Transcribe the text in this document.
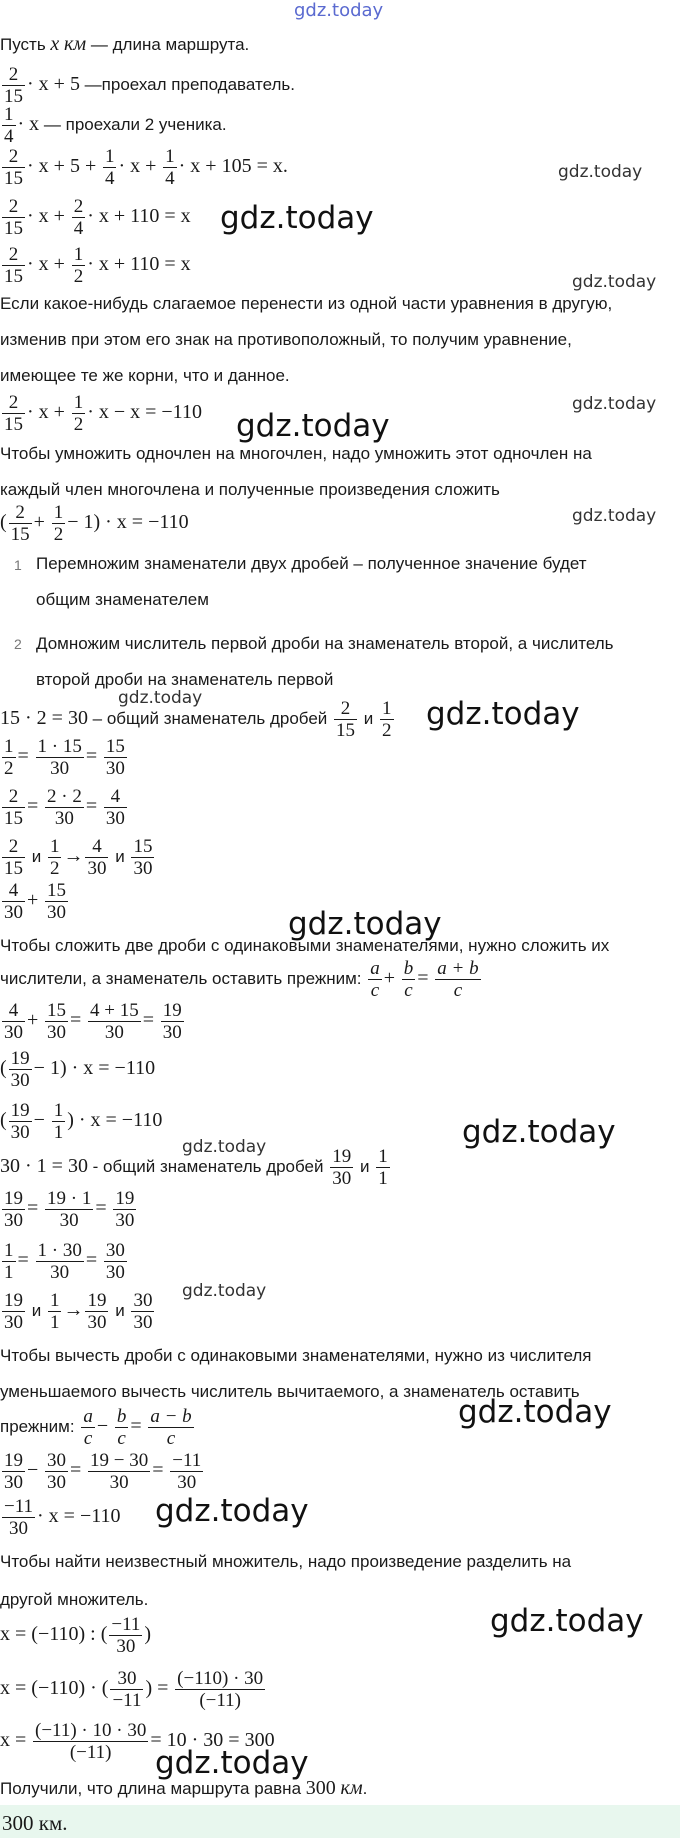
gdz.today
gdz.today
gdz.today
gdz.today
gdz.today
gdz.today
gdz.today
gdz.today	gdz.today
gdz.today
gdz.today	gdz.today
gdz.today
gdz.today
gdz.today
gdz.today
gdz.today
Пусть x км — длина маршрута.
$\frac{2}{15} \cdot x + 5$ —проехал преподаватель.
$\frac{1}{4} \cdot x$ — проехали 2 ученика.
$\frac{2}{15} \cdot x + 5 + \frac{1}{4} \cdot x + \frac{1}{4} \cdot x + 105 = x$.
$\frac{2}{15} \cdot x + \frac{2}{4} \cdot x + 110 = x$
$\frac{2}{15} \cdot x + \frac{1}{2} \cdot x + 110 = x$
Если какое-нибудь слагаемое перенести из одной части уравнения в другую,
изменив при этом его знак на противоположный, то получим уравнение,
имеющее те же корни, что и данное.
$\frac{2}{15} \cdot x + \frac{1}{2} \cdot x - x = -110$
Чтобы умножить одночлен на многочлен, надо умножить этот одночлен на
каждый член многочлена и полученные произведения сложить
( $\frac{2}{15} + \frac{1}{2} - 1) \cdot x = -110$
1 Перемножим знаменатели двух дробей – полученное значение будет
общим знаменателем
2 Домножим числитель первой дроби на знаменатель второй, а числитель
второй дроби на знаменатель первой
15 · 2 = 30 – общий знаменатель дробей $\frac{2}{15}$ и $\frac{1}{2}$
$\frac{1}{2} = \frac{1 \cdot 15}{30} = \frac{15}{30}$
$\frac{2}{15} = \frac{2 \cdot 2}{30} = \frac{4}{30}$
$\frac{2}{15}$ и $\frac{1}{2} \to \frac{4}{30}$ и $\frac{15}{30}$
$\frac{4}{30} + \frac{15}{30}$
Чтобы сложить две дроби с одинаковыми знаменателями, нужно сложить их
числители, а знаменатель оставить прежним: $\frac{a}{c} + \frac{b}{c} = \frac{a + b}{c}$
$\frac{4}{30} + \frac{15}{30} = \frac{4 + 15}{30} = \frac{19}{30}$
( $\frac{19}{30} - 1) \cdot x = -110$
( $\frac{19}{30} - \frac{1}{1}$ ) · x = −110
30 · 1 = 30 - общий знаменатель дробей $\frac{19}{30}$ и $\frac{1}{1}$
$\frac{19}{30} = \frac{19 \cdot 1}{30} = \frac{19}{30}$
$\frac{1}{1} = \frac{1 \cdot 30}{30} = \frac{30}{30}$
$\frac{19}{30}$ и $\frac{1}{1} \to \frac{19}{30}$ и $\frac{30}{30}$
Чтобы вычесть дроби с одинаковыми знаменателями, нужно из числителя
уменьшаемого вычесть числитель вычитаемого, а знаменатель оставить
прежним: $\frac{a}{c} - \frac{b}{c} = \frac{a - b}{c}$
$\frac{19}{30} - \frac{30}{30} = \frac{19 - 30}{30} = \frac{-11}{30}$
$\frac{-11}{30} \cdot x = -110$
Чтобы найти неизвестный множитель, надо произведение разделить на
другой множитель.
x = (−110) : ( $\frac{-11}{30}$ )
x = (−110) · ( $\frac{30}{-11}$ ) = $\frac{(-110) \cdot 30}{(-11)}$
$x = \frac{(-11) \cdot 10 \cdot 30}{(-11)} = 10 \cdot 30 = 300$
Получили, что длина маршрута равна 300 км.
300 км.
